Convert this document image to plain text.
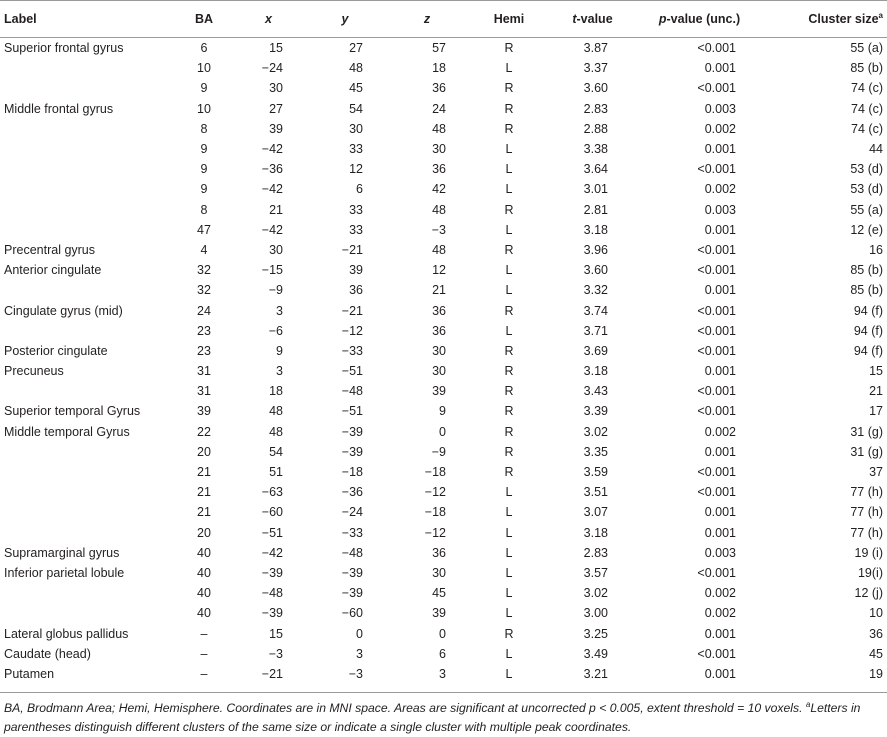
Label	BA	x	y	z	Hemi	t-value	p-value (unc.)	Cluster size$^a$
Superior frontal gyrus	6	15	27	57	R	3.87	<0.001	55 (a)
	10	−24	48	18	L	3.37	0.001	85 (b)
	9	30	45	36	R	3.60	<0.001	74 (c)
Middle frontal gyrus	10	27	54	24	R	2.83	0.003	74 (c)
	8	39	30	48	R	2.88	0.002	74 (c)
	9	−42	33	30	L	3.38	0.001	44
	9	−36	12	36	L	3.64	<0.001	53 (d)
	9	−42	6	42	L	3.01	0.002	53 (d)
	8	21	33	48	R	2.81	0.003	55 (a)
	47	−42	33	−3	L	3.18	0.001	12 (e)
Precentral gyrus	4	30	−21	48	R	3.96	<0.001	16
Anterior cingulate	32	−15	39	12	L	3.60	<0.001	85 (b)
	32	−9	36	21	L	3.32	0.001	85 (b)
Cingulate gyrus (mid)	24	3	−21	36	R	3.74	<0.001	94 (f)
	23	−6	−12	36	L	3.71	<0.001	94 (f)
Posterior cingulate	23	9	−33	30	R	3.69	<0.001	94 (f)
Precuneus	31	3	−51	30	R	3.18	0.001	15
	31	18	−48	39	R	3.43	<0.001	21
Superior temporal Gyrus	39	48	−51	9	R	3.39	<0.001	17
Middle temporal Gyrus	22	48	−39	0	R	3.02	0.002	31 (g)
	20	54	−39	−9	R	3.35	0.001	31 (g)
	21	51	−18	−18	R	3.59	<0.001	37
	21	−63	−36	−12	L	3.51	<0.001	77 (h)
	21	−60	−24	−18	L	3.07	0.001	77 (h)
	20	−51	−33	−12	L	3.18	0.001	77 (h)
Supramarginal gyrus	40	−42	−48	36	L	2.83	0.003	19 (i)
Inferior parietal lobule	40	−39	−39	30	L	3.57	<0.001	19(i)
	40	−48	−39	45	L	3.02	0.002	12 (j)
	40	−39	−60	39	L	3.00	0.002	10
Lateral globus pallidus	–	15	0	0	R	3.25	0.001	36
Caudate (head)	–	−3	3	6	L	3.49	<0.001	45
Putamen	–	−21	−3	3	L	3.21	0.001	19
BA, Brodmann Area; Hemi, Hemisphere. Coordinates are in MNI space. Areas are significant at uncorrected p < 0.005, extent threshold = 10 voxels. $^a$Letters in parentheses distinguish different clusters of the same size or indicate a single cluster with multiple peak coordinates.
